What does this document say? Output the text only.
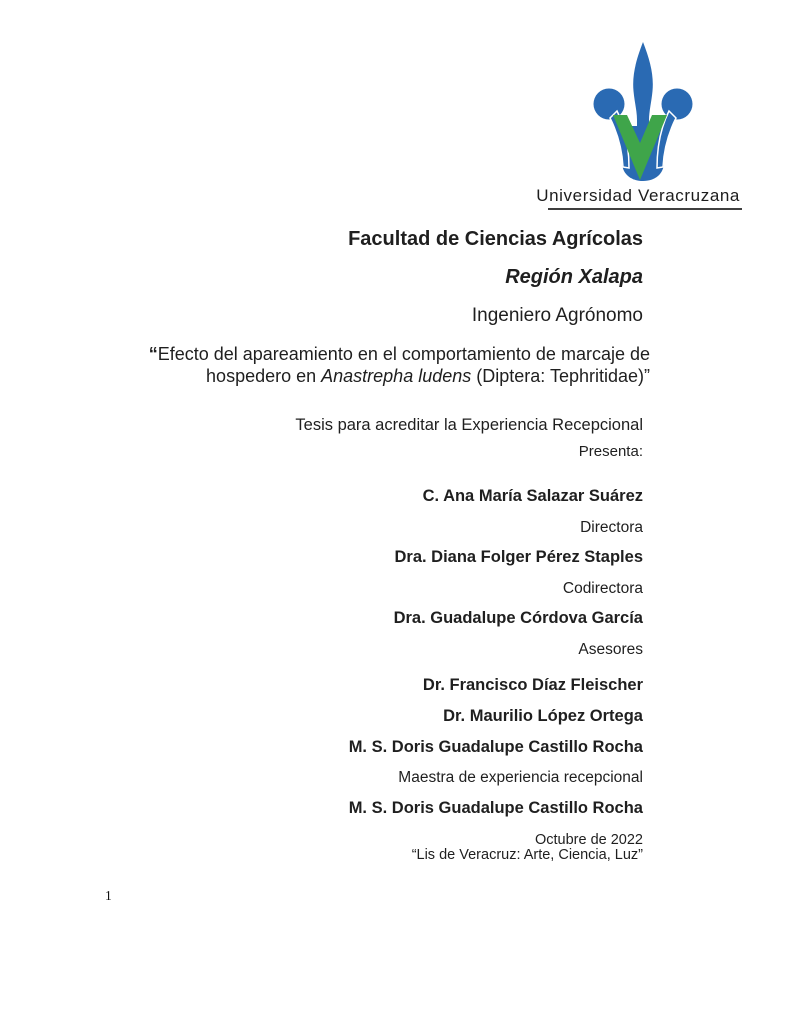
Universidad Veracruzana
Facultad de Ciencias Agrícolas
Región Xalapa
Ingeniero Agrónomo
“Efecto del apareamiento en el comportamiento de marcaje de
hospedero en Anastrepha ludens (Diptera: Tephritidae)”
Tesis para acreditar la Experiencia Recepcional
Presenta:
C. Ana María Salazar Suárez
Directora
Dra. Diana Folger Pérez Staples
Codirectora
Dra. Guadalupe Córdova García
Asesores
Dr. Francisco Díaz Fleischer
Dr. Maurilio López Ortega
M. S. Doris Guadalupe Castillo Rocha
Maestra de experiencia recepcional
M. S. Doris Guadalupe Castillo Rocha
Octubre de 2022
“Lis de Veracruz: Arte, Ciencia, Luz”
1
